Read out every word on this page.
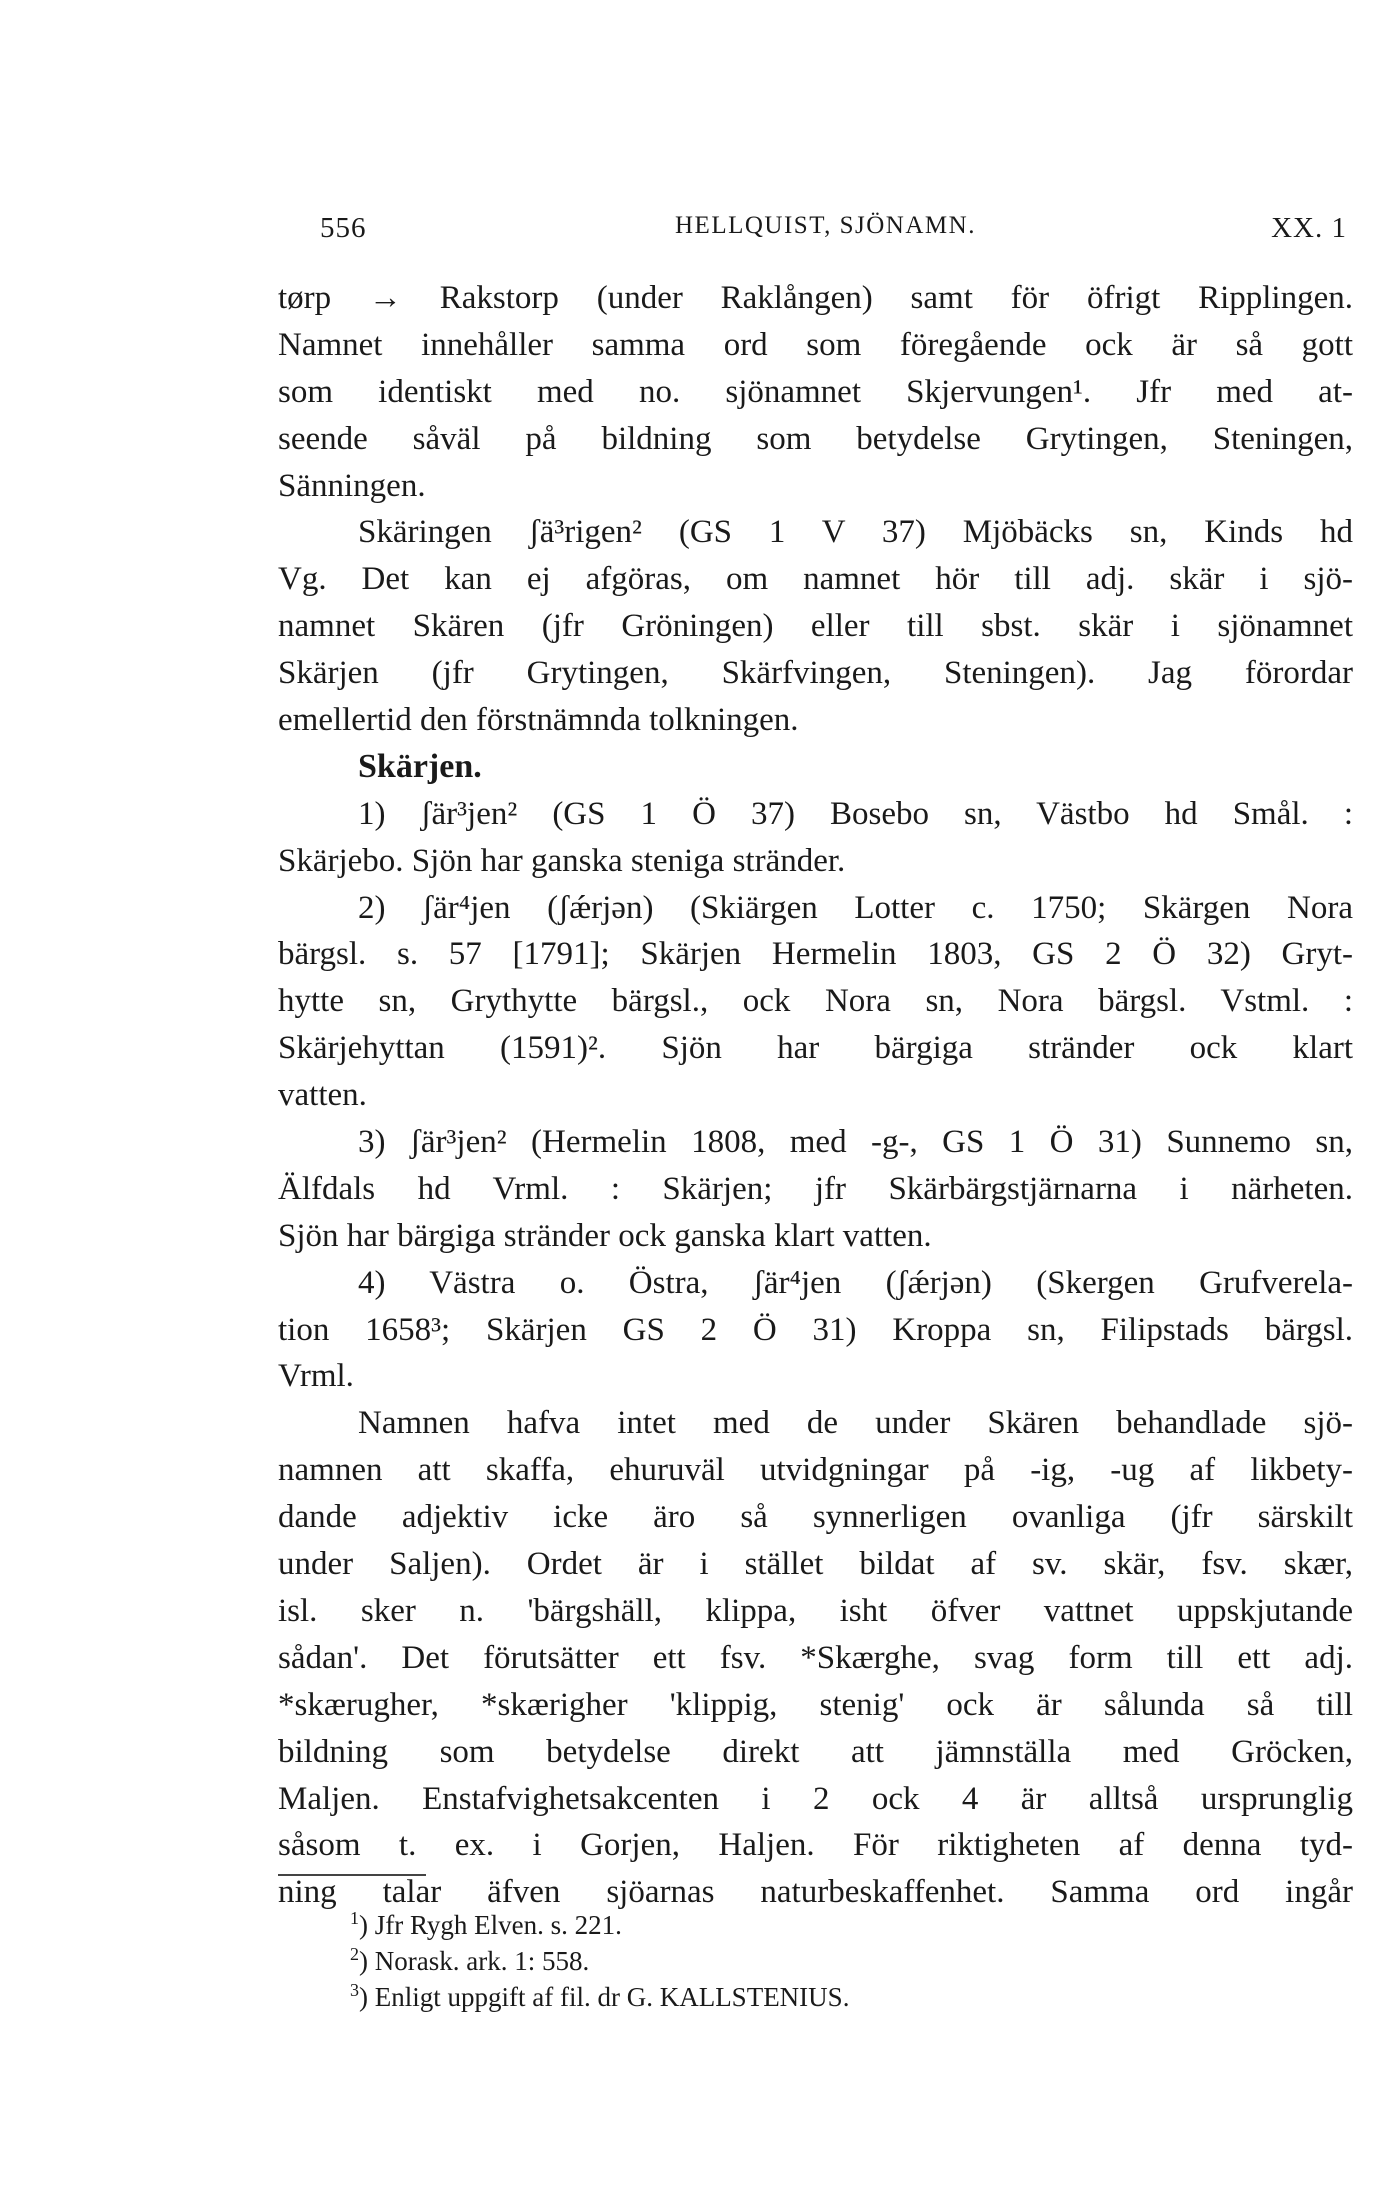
556	HELLQUIST, SJÖNAMN.	XX. 1
tørp → Rakstorp (under Raklången) samt för öfrigt Ripplingen.
Namnet innehåller samma ord som föregående ock är så gott
som identiskt med no. sjönamnet Skjervungen¹. Jfr med at-
seende såväl på bildning som betydelse Grytingen, Steningen,
Sänningen.
Skäringen ʃä³rigen² (GS 1 V 37) Mjöbäcks sn, Kinds hd
Vg. Det kan ej afgöras, om namnet hör till adj. skär i sjö-
namnet Skären (jfr Gröningen) eller till sbst. skär i sjönamnet
Skärjen (jfr Grytingen, Skärfvingen, Steningen). Jag förordar
emellertid den förstnämnda tolkningen.
Skärjen.
1) ʃär³jen² (GS 1 Ö 37) Bosebo sn, Västbo hd Smål. :
Skärjebo. Sjön har ganska steniga stränder.
2) ʃär⁴jen (ʃǽrjən) (Skiärgen Lotter c. 1750; Skärgen Nora
bärgsl. s. 57 [1791]; Skärjen Hermelin 1803, GS 2 Ö 32) Gryt-
hytte sn, Grythytte bärgsl., ock Nora sn, Nora bärgsl. Vstml. :
Skärjehyttan (1591)². Sjön har bärgiga stränder ock klart
vatten.
3) ʃär³jen² (Hermelin 1808, med -g-, GS 1 Ö 31) Sunnemo sn,
Älfdals hd Vrml. : Skärjen; jfr Skärbärgstjärnarna i närheten.
Sjön har bärgiga stränder ock ganska klart vatten.
4) Västra o. Östra, ʃär⁴jen (ʃǽrjən) (Skergen Grufverela-
tion 1658³; Skärjen GS 2 Ö 31) Kroppa sn, Filipstads bärgsl.
Vrml.
Namnen hafva intet med de under Skären behandlade sjö-
namnen att skaffa, ehuruväl utvidgningar på -ig, -ug af likbety-
dande adjektiv icke äro så synnerligen ovanliga (jfr särskilt
under Saljen). Ordet är i stället bildat af sv. skär, fsv. skær,
isl. sker n. 'bärgshäll, klippa, isht öfver vattnet uppskjutande
sådan'. Det förutsätter ett fsv. *Skærghe, svag form till ett adj.
*skærugher, *skærigher 'klippig, stenig' ock är sålunda så till
bildning som betydelse direkt att jämnställa med Gröcken,
Maljen. Enstafvighetsakcenten i 2 ock 4 är alltså ursprunglig
såsom t. ex. i Gorjen, Haljen. För riktigheten af denna tyd-
ning talar äfven sjöarnas naturbeskaffenhet. Samma ord ingår
$^1$) Jfr Rygh Elven. s. 221.
$^2$) Norask. ark. 1: 558.
$^3$) Enligt uppgift af fil. dr G. KALLSTENIUS.
